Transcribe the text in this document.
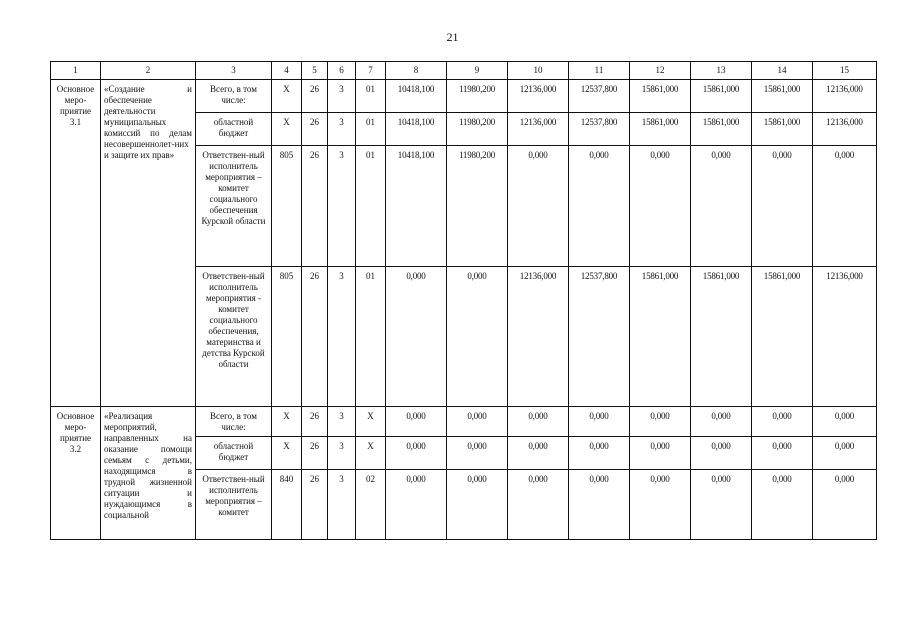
21
1	2	3	4	5	6	7	8	9	10	11	12	13	14	15
Основное меро-приятие 3.1	«Создание и обеспечение деятельности муниципальных комиссий по делам несовершеннолет-них и защите их прав»	Всего, в том числе:	X	26	3	01	10418,100	11980,200	12136,000	12537,800	15861,000	15861,000	15861,000	12136,000
		областной бюджет	X	26	3	01	10418,100	11980,200	12136,000	12537,800	15861,000	15861,000	15861,000	12136,000
		Ответствен-ный исполнитель мероприятия – комитет социального обеспечения Курской области	805	26	3	01	10418,100	11980,200	0,000	0,000	0,000	0,000	0,000	0,000
		Ответствен-ный исполнитель мероприятия - комитет социального обеспечения, материнства и детства Курской области	805	26	3	01	0,000	0,000	12136,000	12537,800	15861,000	15861,000	15861,000	12136,000
Основное меро-приятие 3.2	«Реализация мероприятий, направленных на оказание помощи семьям с детьми, находящимся в трудной жизненной ситуации и нуждающимся в социальной	Всего, в том числе:	X	26	3	X	0,000	0,000	0,000	0,000	0,000	0,000	0,000	0,000
		областной бюджет	X	26	3	X	0,000	0,000	0,000	0,000	0,000	0,000	0,000	0,000
		Ответствен-ный исполнитель мероприятия – комитет	840	26	3	02	0,000	0,000	0,000	0,000	0,000	0,000	0,000	0,000
